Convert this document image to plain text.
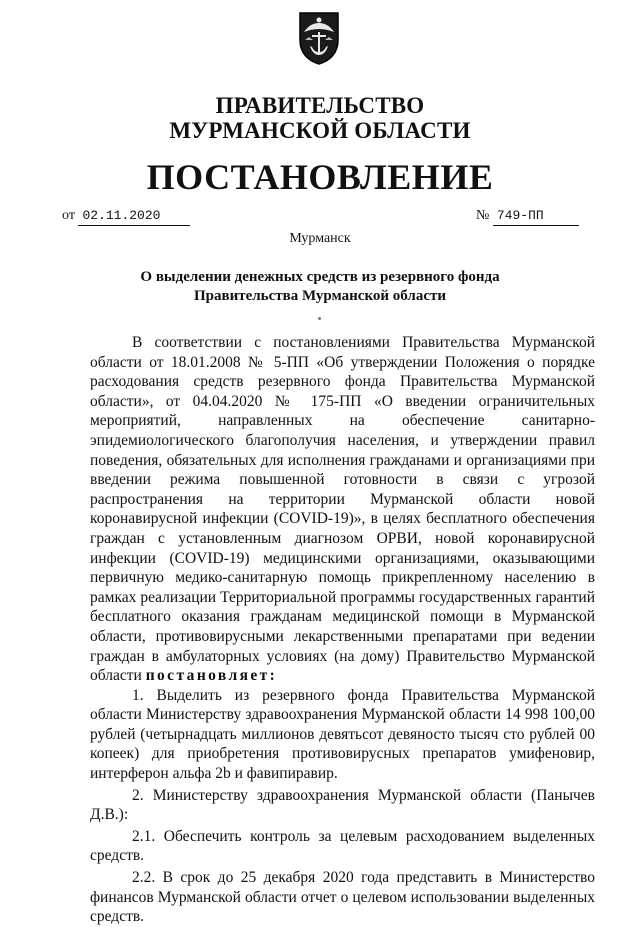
ПРАВИТЕЛЬСТВО
МУРМАНСКОЙ ОБЛАСТИ
ПОСТАНОВЛЕНИЕ
от 02.11.2020	№ 749-ПП
Мурманск
О выделении денежных средств из резервного фонда
Правительства Мурманской области

В соответствии с постановлениями Правительства Мурманской области от 18.01.2008 № 5-ПП «Об утверждении Положения о порядке расходования средств резервного фонда Правительства Мурманской области», от 04.04.2020 № 175-ПП «О введении ограничительных мероприятий, направленных на обеспечение санитарно-эпидемиологического благополучия населения, и утверждении правил поведения, обязательных для исполнения гражданами и организациями при введении режима повышенной готовности в связи с угрозой распространения на территории Мурманской области новой коронавирусной инфекции (COVID-19)», в целях бесплатного обеспечения граждан с установленным диагнозом ОРВИ, новой коронавирусной инфекции (COVID-19) медицинскими организациями, оказывающими первичную медико-санитарную помощь прикрепленному населению в рамках реализации Территориальной программы государственных гарантий бесплатного оказания гражданам медицинской помощи в Мурманской области, противовирусными лекарственными препаратами при ведении граждан в амбулаторных условиях (на дому) Правительство Мурманской области постановляет:

1. Выделить из резервного фонда Правительства Мурманской области Министерству здравоохранения Мурманской области 14 998 100,00 рублей (четырнадцать миллионов девятьсот девяносто тысяч сто рублей 00 копеек) для приобретения противовирусных препаратов умифеновир, интерферон альфа 2b и фавипиравир.

2. Министерству здравоохранения Мурманской области (Панычев Д.В.):

2.1. Обеспечить контроль за целевым расходованием выделенных средств.

2.2. В срок до 25 декабря 2020 года представить в Министерство финансов Мурманской области отчет о целевом использовании выделенных средств.
